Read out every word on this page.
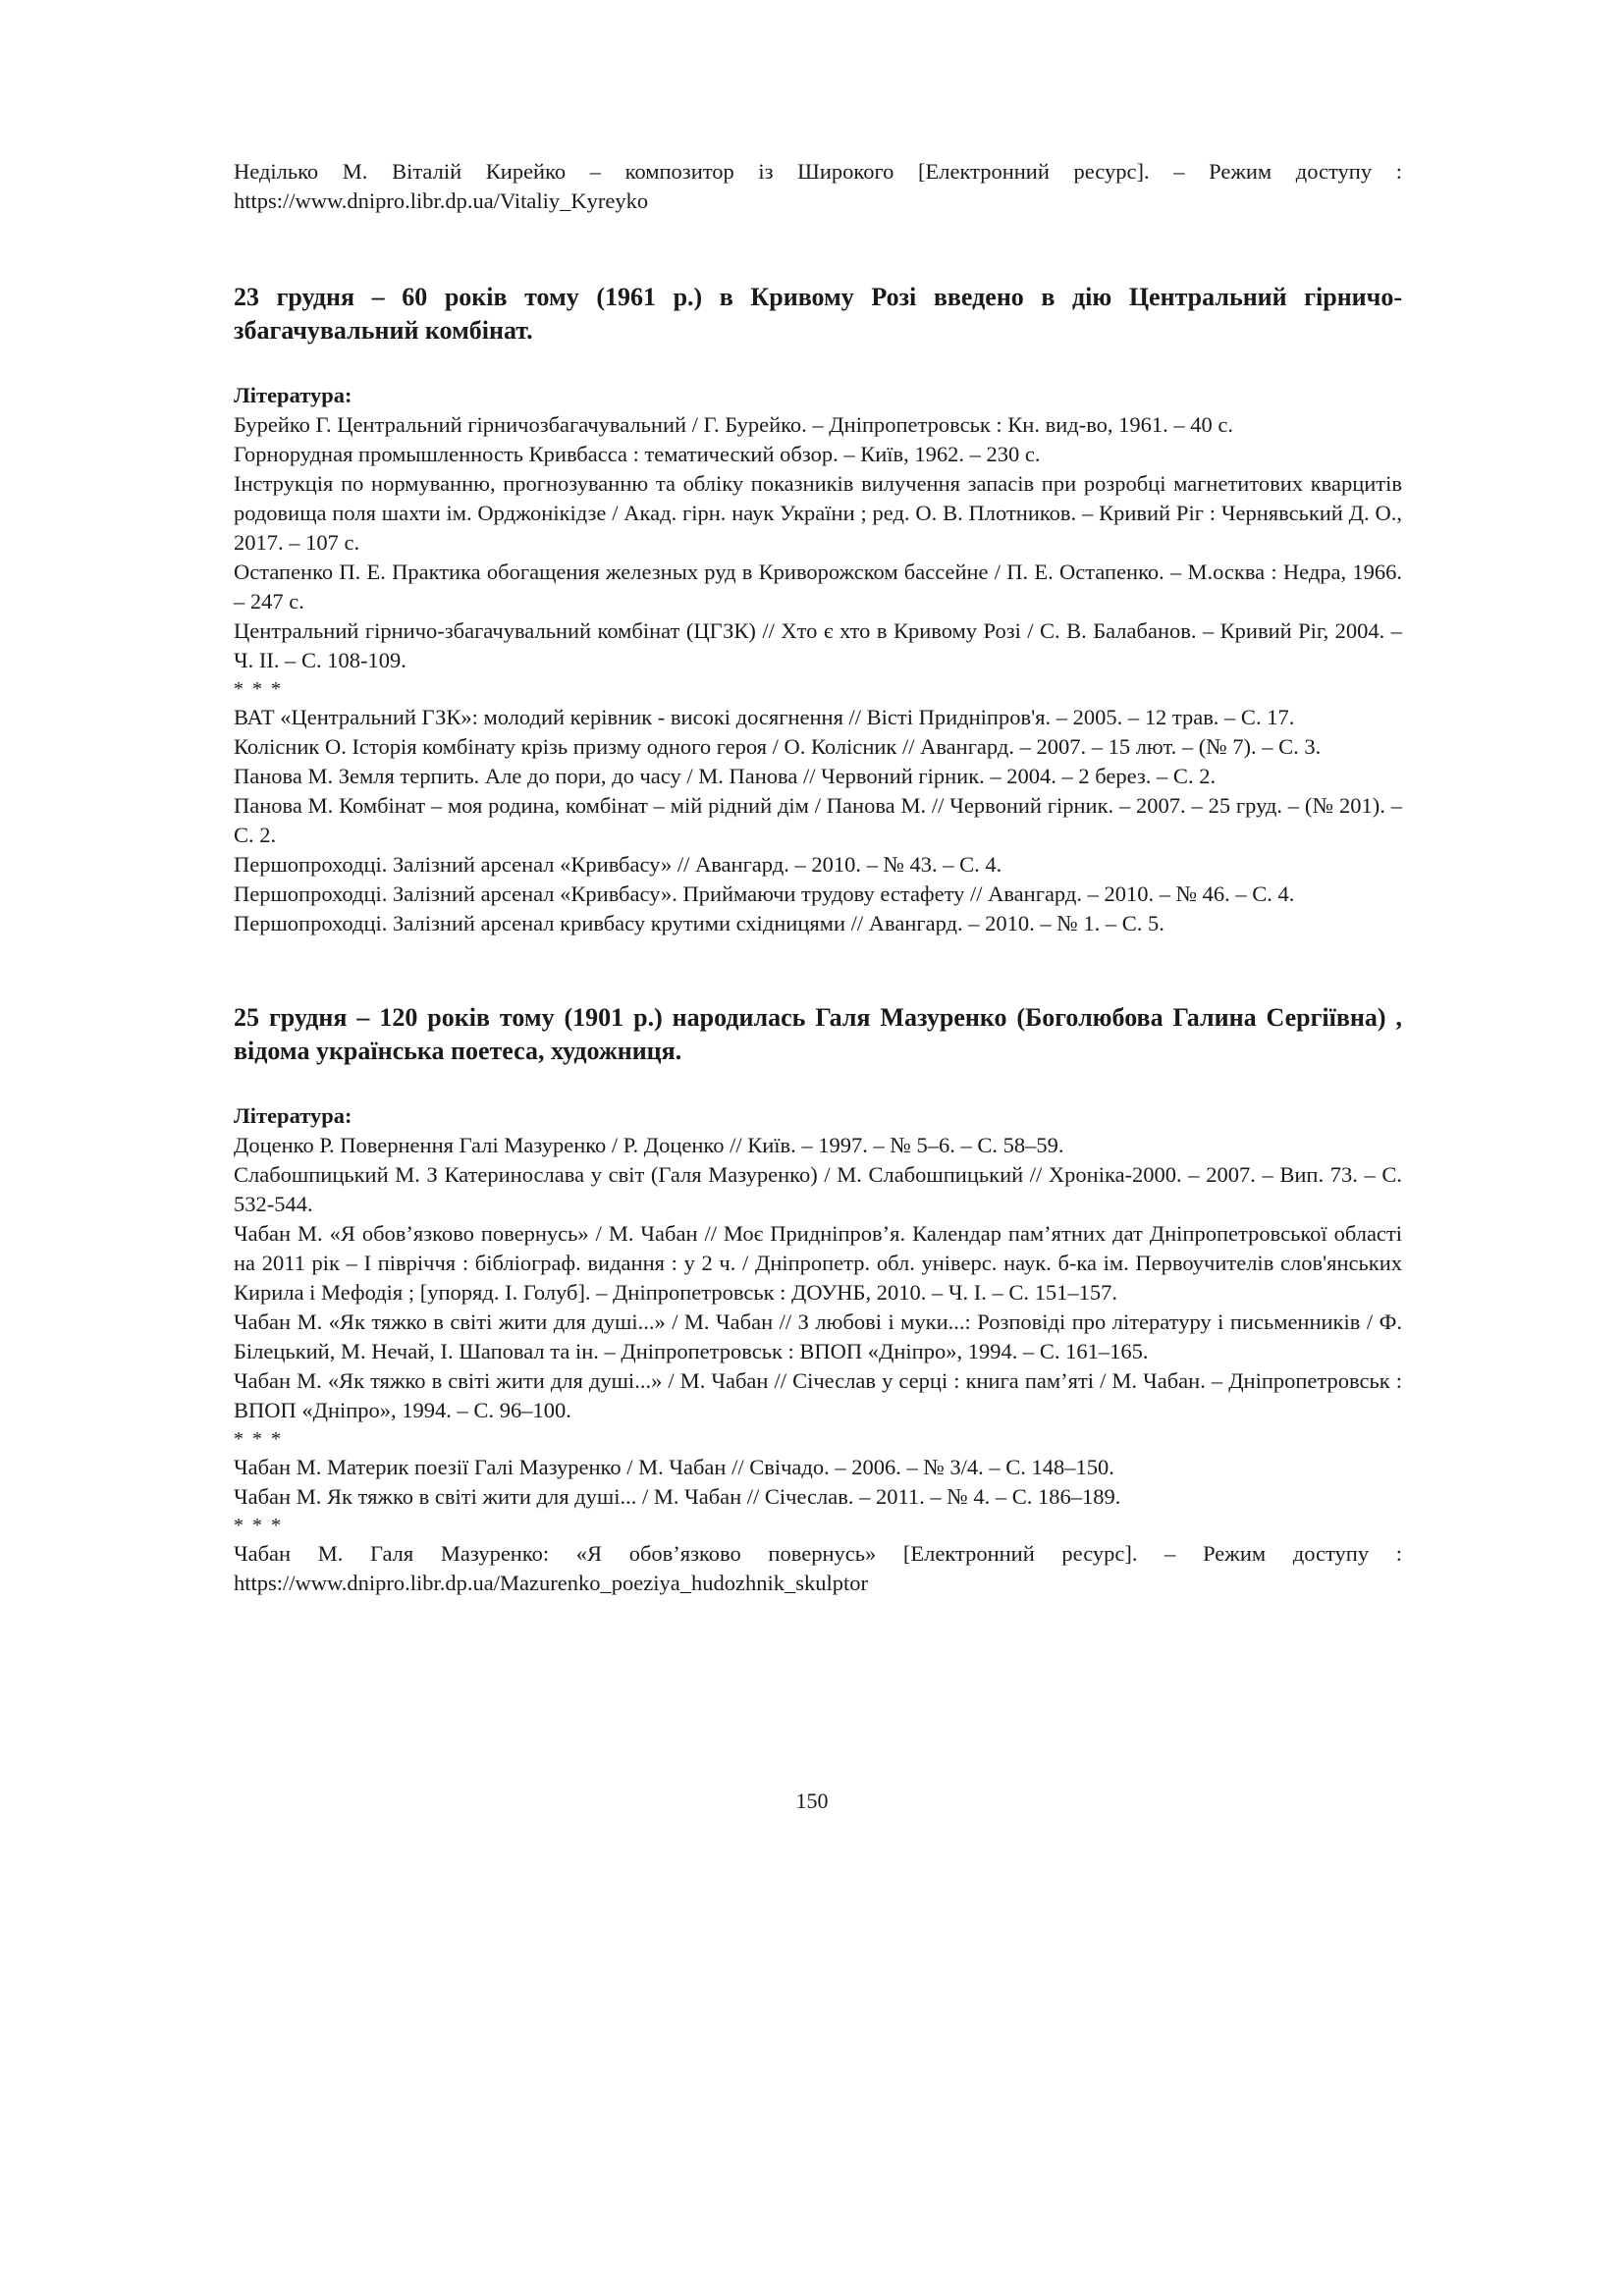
Неділько М. Віталій Кирейко – композитор із Широкого [Електронний ресурс]. – Режим доступу : https://www.dnipro.libr.dp.ua/Vitaliy_Kyreyko

23 грудня – 60 років тому (1961 р.) в Кривому Розі введено в дію Центральний гірничо-збагачувальний комбінат.

Література:

Бурейко Г. Центральний гірничозбагачувальний / Г. Бурейко. – Дніпропетровськ : Кн. вид-во, 1961. – 40 с.

Горнорудная промышленность Кривбасса : тематический обзор. – Київ, 1962. – 230 с.

Інструкція по нормуванню, прогнозуванню та обліку показників вилучення запасів при розробці магнетитових кварцитів родовища поля шахти ім. Орджонікідзе / Акад. гірн. наук України ; ред. О. В. Плотников. – Кривий Ріг : Чернявський Д. О., 2017. – 107 с.

Остапенко П. Е. Практика обогащения железных руд в Криворожском бассейне / П. Е. Остапенко. – М.осква : Недра, 1966. – 247 с.

Центральний гірничо-збагачувальний комбінат (ЦГЗК) // Хто є хто в Кривому Розі / С. В. Балабанов. – Кривий Ріг, 2004. – Ч. ІІ. – С. 108-109.

* * *

ВАТ «Центральний ГЗК»: молодий керівник - високі досягнення // Вісті Придніпров'я. – 2005. – 12 трав. – С. 17.

Колісник О. Історія комбінату крізь призму одного героя / О. Колісник // Авангард. – 2007. – 15 лют. – (№ 7). – С. 3.

Панова М. Земля терпить. Але до пори, до часу / М. Панова // Червоний гірник. – 2004. – 2 берез. – С. 2.

Панова М. Комбінат – моя родина, комбінат – мій рідний дім / Панова М. // Червоний гірник. – 2007. – 25 груд. – (№ 201). – С. 2.

Першопроходці. Залізний арсенал «Кривбасу» // Авангард. – 2010. – № 43. – С. 4.

Першопроходці. Залізний арсенал «Кривбасу». Приймаючи трудову естафету // Авангард. – 2010. – № 46. – С. 4.

Першопроходці. Залізний арсенал кривбасу крутими східницями // Авангард. – 2010. – № 1. – С. 5.

25 грудня – 120 років тому (1901 р.) народилась Галя Мазуренко (Боголюбова Галина Сергіївна) , відома українська поетеса, художниця.

Література:

Доценко Р. Повернення Галі Мазуренко / Р. Доценко // Київ. – 1997. – № 5–6. – С. 58–59.

Слабошпицький М. З Катеринослава у світ (Галя Мазуренко) / М. Слабошпицький // Хроніка-2000. – 2007. – Вип. 73. – С. 532-544.

Чабан М. «Я обов’язково повернусь» / М. Чабан // Моє Придніпров’я. Календар пам’ятних дат Дніпропетровської області на 2011 рік – І півріччя : бібліограф. видання : у 2 ч. / Дніпропетр. обл. універс. наук. б-ка ім. Первоучителів слов'янських Кирила і Мефодія ; [упоряд. І. Голуб]. – Дніпропетровськ : ДОУНБ, 2010. – Ч. І. – С. 151–157.

Чабан М. «Як тяжко в світі жити для душі...» / М. Чабан // З любові і муки...: Розповіді про літературу і письменників / Ф. Білецький, М. Нечай, І. Шаповал та ін. – Дніпропетровськ : ВПОП «Дніпро», 1994. – С. 161–165.

Чабан М. «Як тяжко в світі жити для душі...» / М. Чабан // Січеслав у серці : книга пам’яті / М. Чабан. – Дніпропетровськ : ВПОП «Дніпро», 1994. – С. 96–100.

* * *

Чабан М. Материк поезії Галі Мазуренко / М. Чабан // Свічадо. – 2006. – № 3/4. – С. 148–150.

Чабан М. Як тяжко в світі жити для душі... / М. Чабан // Січеслав. – 2011. – № 4. – С. 186–189.

* * *

Чабан М. Галя Мазуренко: «Я обов’язково повернусь» [Електронний ресурс]. – Режим доступу : https://www.dnipro.libr.dp.ua/Mazurenko_poeziya_hudozhnik_skulptor

150
